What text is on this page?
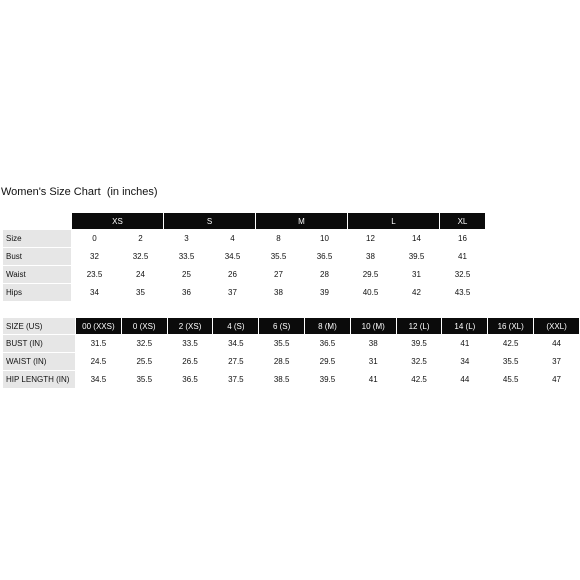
Women's Size Chart  (in inches)
	XS		S		M		L		XL
Size	0	2	3	4	8	10	12	14	16
Bust	32	32.5	33.5	34.5	35.5	36.5	38	39.5	41
Waist	23.5	24	25	26	27	28	29.5	31	32.5
Hips	34	35	36	37	38	39	40.5	42	43.5
SIZE (US)	00 (XXS)	0 (XS)	2 (XS)	4 (S)	6 (S)	8 (M)	10 (M)	12 (L)	14 (L)	16 (XL)	(XXL)
BUST (IN)	31.5	32.5	33.5	34.5	35.5	36.5	38	39.5	41	42.5	44
WAIST (IN)	24.5	25.5	26.5	27.5	28.5	29.5	31	32.5	34	35.5	37
HIP LENGTH (IN)	34.5	35.5	36.5	37.5	38.5	39.5	41	42.5	44	45.5	47
